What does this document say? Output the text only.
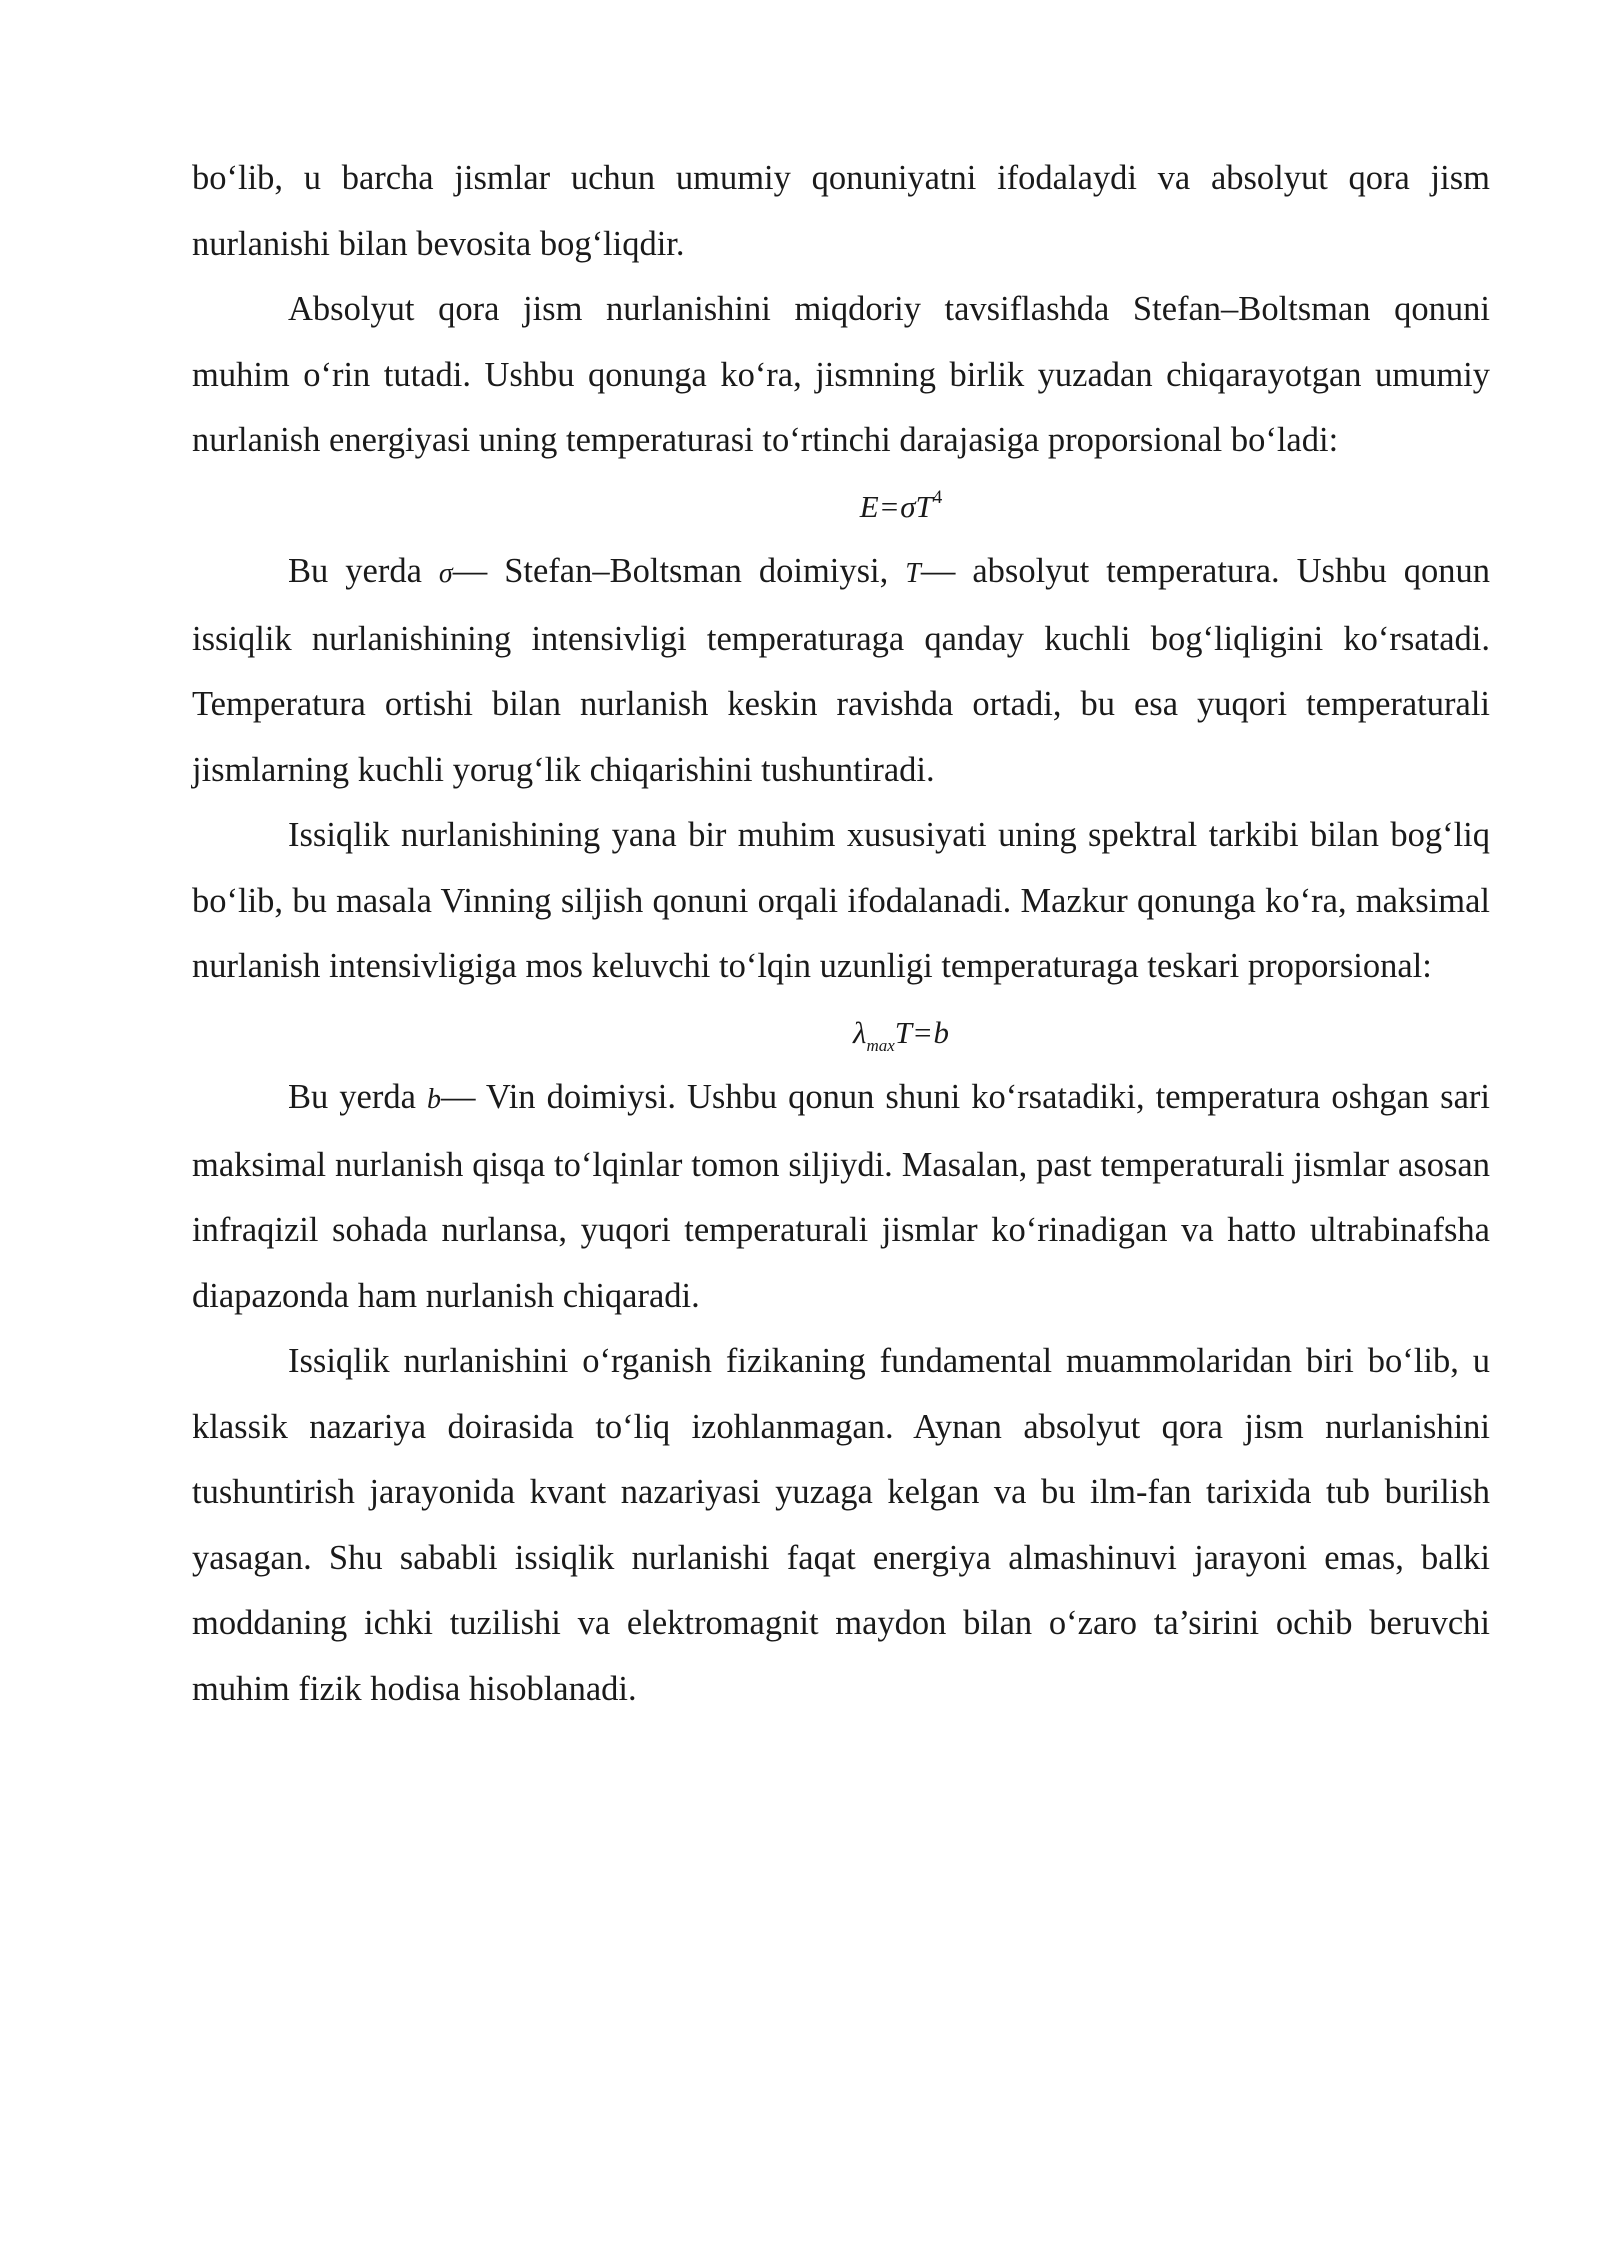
bo‘lib, u barcha jismlar uchun umumiy qonuniyatni ifodalaydi va absolyut qora jism nurlanishi bilan bevosita bog‘liqdir.

Absolyut qora jism nurlanishini miqdoriy tavsiflashda Stefan–Boltsman qonuni muhim o‘rin tutadi. Ushbu qonunga ko‘ra, jismning birlik yuzadan chiqarayotgan umumiy nurlanish energiyasi uning temperaturasi to‘rtinchi darajasiga proporsional bo‘ladi:

$E=\sigma T^4$

Bu yerda σ— Stefan–Boltsman doimiysi, T— absolyut temperatura. Ushbu qonun issiqlik nurlanishining intensivligi temperaturaga qanday kuchli bog‘liqligini ko‘rsatadi. Temperatura ortishi bilan nurlanish keskin ravishda ortadi, bu esa yuqori temperaturali jismlarning kuchli yorug‘lik chiqarishini tushuntiradi.

Issiqlik nurlanishining yana bir muhim xususiyati uning spektral tarkibi bilan bog‘liq bo‘lib, bu masala Vinning siljish qonuni orqali ifodalanadi. Mazkur qonunga ko‘ra, maksimal nurlanish intensivligiga mos keluvchi to‘lqin uzunligi temperaturaga teskari proporsional:

$\lambda_{max}T=b$

Bu yerda b— Vin doimiysi. Ushbu qonun shuni ko‘rsatadiki, temperatura oshgan sari maksimal nurlanish qisqa to‘lqinlar tomon siljiydi. Masalan, past temperaturali jismlar asosan infraqizil sohada nurlansa, yuqori temperaturali jismlar ko‘rinadigan va hatto ultrabinafsha diapazonda ham nurlanish chiqaradi.

Issiqlik nurlanishini o‘rganish fizikaning fundamental muammolaridan biri bo‘lib, u klassik nazariya doirasida to‘liq izohlanmagan. Aynan absolyut qora jism nurlanishini tushuntirish jarayonida kvant nazariyasi yuzaga kelgan va bu ilm-fan tarixida tub burilish yasagan. Shu sababli issiqlik nurlanishi faqat energiya almashinuvi jarayoni emas, balki moddaning ichki tuzilishi va elektromagnit maydon bilan o‘zaro ta’sirini ochib beruvchi muhim fizik hodisa hisoblanadi.
